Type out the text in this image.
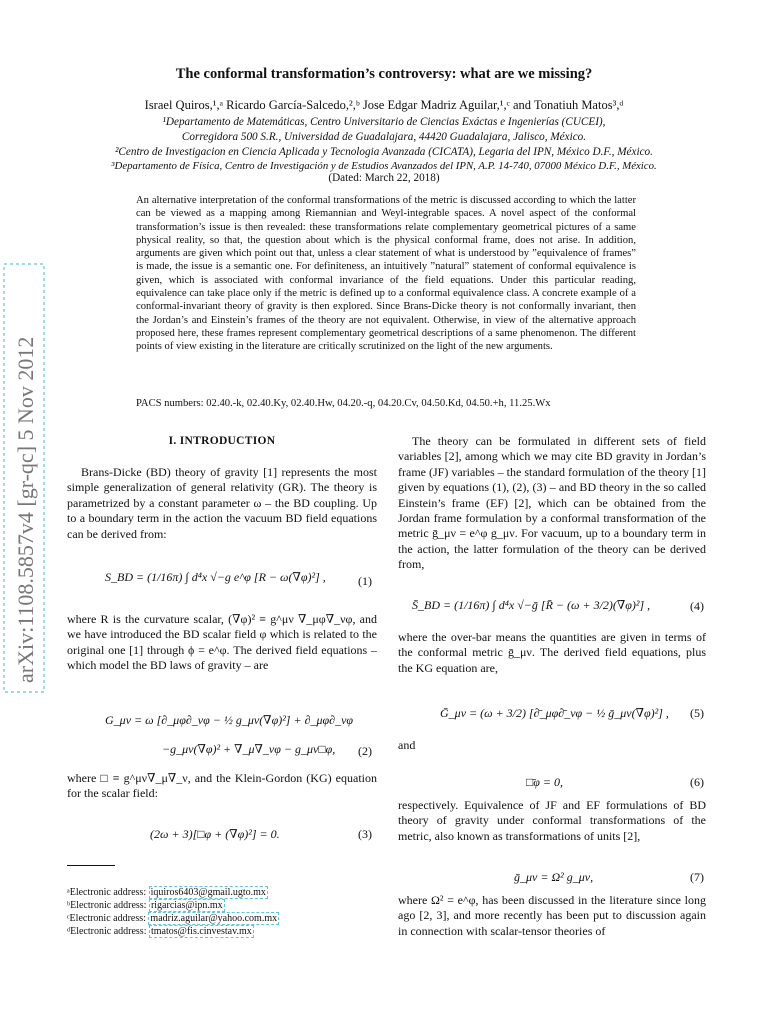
The conformal transformation’s controversy: what are we missing?
Israel Quiros,¹,ᵃ Ricardo García-Salcedo,²,ᵇ Jose Edgar Madriz Aguilar,¹,ᶜ and Tonatiuh Matos³,ᵈ
¹Departamento de Matemáticas, Centro Universitario de Ciencias Exáctas e Ingenierías (CUCEI),
Corregidora 500 S.R., Universidad de Guadalajara, 44420 Guadalajara, Jalisco, México.
²Centro de Investigacion en Ciencia Aplicada y Tecnologia Avanzada (CICATA), Legaria del IPN, México D.F., México.
³Departamento de Física, Centro de Investigación y de Estudios Avanzados del IPN, A.P. 14-740, 07000 México D.F., México.
(Dated: March 22, 2018)
An alternative interpretation of the conformal transformations of the metric is discussed according to which the latter can be viewed as a mapping among Riemannian and Weyl-integrable spaces. A novel aspect of the conformal transformation’s issue is then revealed: these transformations relate complementary geometrical pictures of a same physical reality, so that, the question about which is the physical conformal frame, does not arise. In addition, arguments are given which point out that, unless a clear statement of what is understood by ”equivalence of frames” is made, the issue is a semantic one. For definiteness, an intuitively ”natural” statement of conformal equivalence is given, which is associated with conformal invariance of the field equations. Under this particular reading, equivalence can take place only if the metric is defined up to a conformal equivalence class. A concrete example of a conformal-invariant theory of gravity is then explored. Since Brans-Dicke theory is not conformally invariant, then the Jordan’s and Einstein’s frames of the theory are not equivalent. Otherwise, in view of the alternative approach proposed here, these frames represent complementary geometrical descriptions of a same phenomenon. The different points of view existing in the literature are critically scrutinized on the light of the new arguments.
PACS numbers: 02.40.-k, 02.40.Ky, 02.40.Hw, 04.20.-q, 04.20.Cv, 04.50.Kd, 04.50.+h, 11.25.Wx
arXiv:1108.5857v4 [gr-qc] 5 Nov 2012	I. INTRODUCTION
Brans-Dicke (BD) theory of gravity [1] represents the most simple generalization of general relativity (GR). The theory is parametrized by a constant parameter ω – the BD coupling. Up to a boundary term in the action the vacuum BD field equations can be derived from:
S_BD = (1/16π) ∫ d⁴x √−g e^φ [R − ω(∇φ)²] ,	(1)
where R is the curvature scalar, (∇φ)² ≡ g^μν ∇_μφ∇_νφ, and we have introduced the BD scalar field φ which is related to the original one [1] through ϕ = e^φ. The derived field equations – which model the BD laws of gravity – are
G_μν = ω [∂_μφ∂_νφ − ½ g_μν(∇φ)²] + ∂_μφ∂_νφ
−g_μν(∇φ)² + ∇_μ∇_νφ − g_μν□φ, (2)
where □ ≡ g^μν∇_μ∇_ν, and the Klein-Gordon (KG) equation for the scalar field:
(2ω + 3)[□φ + (∇φ)²] = 0.	(3)
ᵃElectronic address: iquiros6403@gmail.ugto.mx
ᵇElectronic address: rigarcias@ipn.mx
ᶜElectronic address: madriz.aguilar@yahoo.com.mx
ᵈElectronic address: tmatos@fis.cinvestav.mx
The theory can be formulated in different sets of field variables [2], among which we may cite BD gravity in Jordan’s frame (JF) variables – the standard formulation of the theory [1] given by equations (1), (2), (3) – and BD theory in the so called Einstein’s frame (EF) [2], which can be obtained from the Jordan frame formulation by a conformal transformation of the metric ḡ_μν = e^φ g_μν. For vacuum, up to a boundary term in the action, the latter formulation of the theory can be derived from,
S̄_BD = (1/16π) ∫ d⁴x √−ḡ [R̄ − (ω + 3/2)(∇̄φ)²] ,	(4)
where the over-bar means the quantities are given in terms of the conformal metric ḡ_μν. The derived field equations, plus the KG equation are,
Ḡ_μν = (ω + 3/2) [∂̄_μφ∂̄_νφ − ½ ḡ_μν(∇̄φ)²] , (5)
and
□̄φ = 0,	(6)
respectively. Equivalence of JF and EF formulations of BD theory of gravity under conformal transformations of the metric, also known as transformations of units [2],
ḡ_μν = Ω² g_μν,	(7)
where Ω² = e^φ, has been discussed in the literature since long ago [2, 3], and more recently has been put to discussion again in connection with scalar-tensor theories of
